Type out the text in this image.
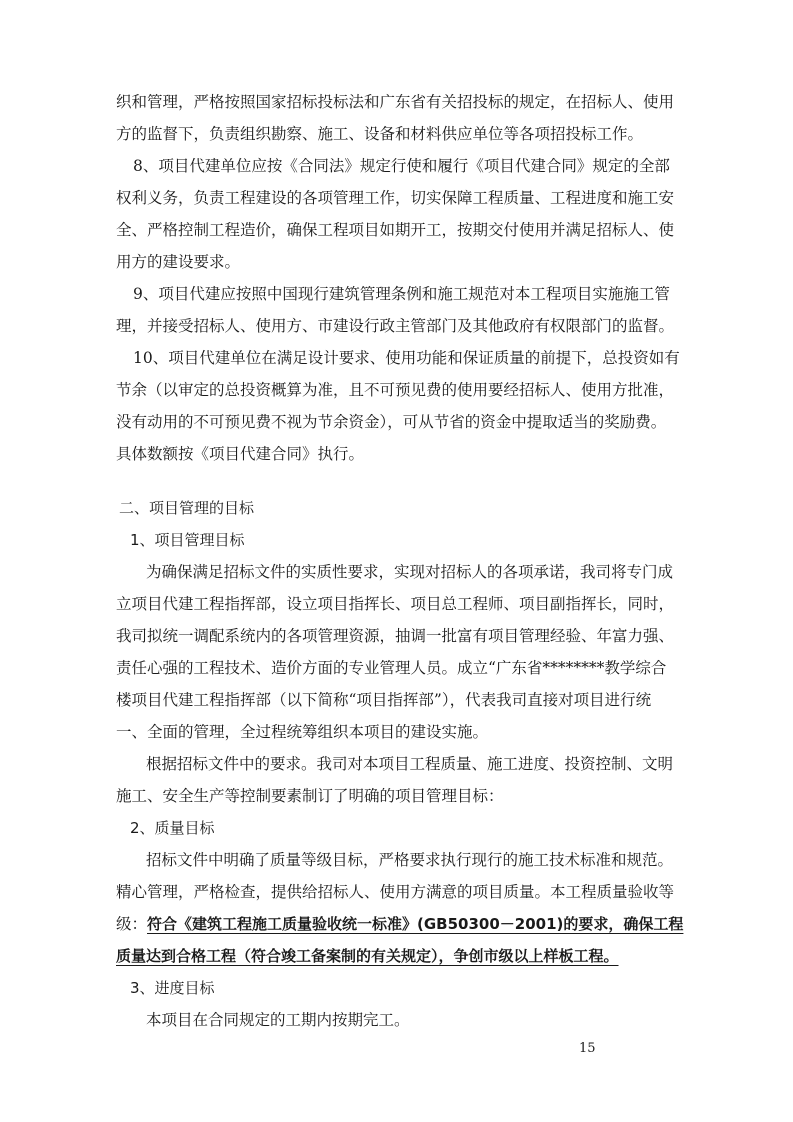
织和管理，严格按照国家招标投标法和广东省有关招投标的规定，在招标人、使用
方的监督下，负责组织勘察、施工、设备和材料供应单位等各项招投标工作。
8、项目代建单位应按《合同法》规定行使和履行《项目代建合同》规定的全部
权利义务，负责工程建设的各项管理工作，切实保障工程质量、工程进度和施工安
全、严格控制工程造价，确保工程项目如期开工，按期交付使用并满足招标人、使
用方的建设要求。
9、项目代建应按照中国现行建筑管理条例和施工规范对本工程项目实施施工管
理，并接受招标人、使用方、市建设行政主管部门及其他政府有权限部门的监督。
10、项目代建单位在满足设计要求、使用功能和保证质量的前提下，总投资如有
节余（以审定的总投资概算为准，且不可预见费的使用要经招标人、使用方批准，
没有动用的不可预见费不视为节余资金），可从节省的资金中提取适当的奖励费。
具体数额按《项目代建合同》执行。
二、项目管理的目标
1、项目管理目标
为确保满足招标文件的实质性要求，实现对招标人的各项承诺，我司将专门成
立项目代建工程指挥部，设立项目指挥长、项目总工程师、项目副指挥长，同时，
我司拟统一调配系统内的各项管理资源，抽调一批富有项目管理经验、年富力强、
责任心强的工程技术、造价方面的专业管理人员。成立“广东省********教学综合
楼项目代建工程指挥部（以下简称“项目指挥部”），代表我司直接对项目进行统
一、全面的管理，全过程统筹组织本项目的建设实施。
根据招标文件中的要求。我司对本项目工程质量、施工进度、投资控制、文明
施工、安全生产等控制要素制订了明确的项目管理目标：
2、质量目标
招标文件中明确了质量等级目标，严格要求执行现行的施工技术标准和规范。
精心管理，严格检查，提供给招标人、使用方满意的项目质量。本工程质量验收等
级：符合《建筑工程施工质量验收统一标准》(GB50300－2001)的要求，确保工程
质量达到合格工程（符合竣工备案制的有关规定），争创市级以上样板工程。
3、进度目标
本项目在合同规定的工期内按期完工。
15
